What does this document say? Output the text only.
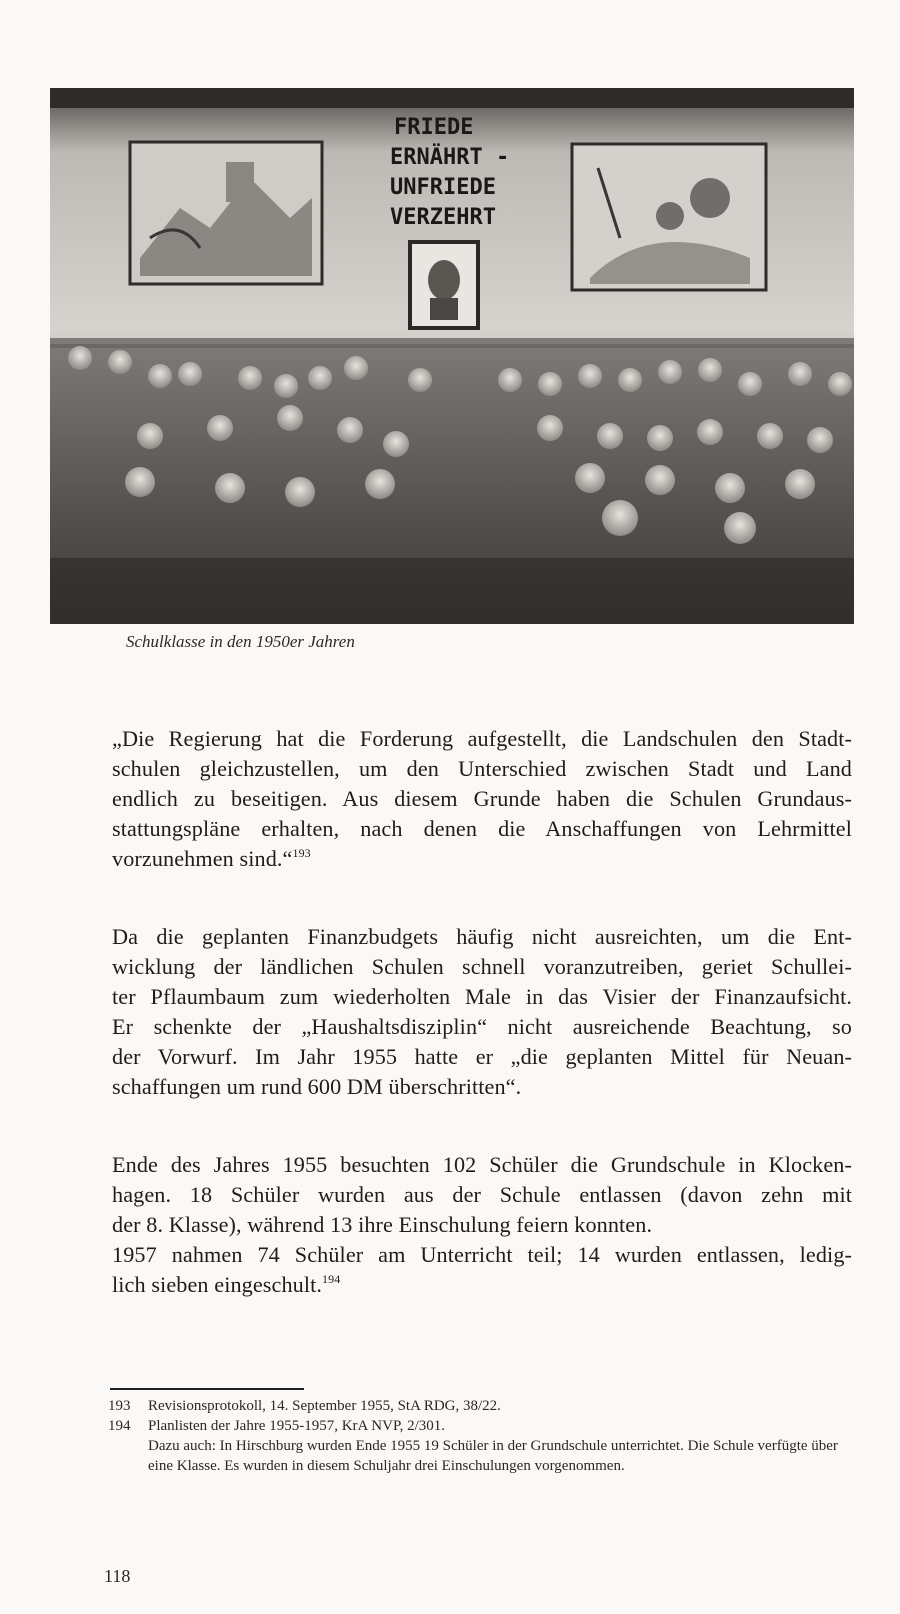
FRIEDE
ERNÄHRT -
UNFRIEDE
VERZEHRT
Schulklasse in den 1950er Jahren
„Die Regierung hat die Forderung aufgestellt, die Landschulen den Stadt-
schulen gleichzustellen, um den Unterschied zwischen Stadt und Land
endlich zu beseitigen. Aus diesem Grunde haben die Schulen Grundaus-
stattungspläne erhalten, nach denen die Anschaffungen von Lehrmittel
vorzunehmen sind.“$^{193}$
Da die geplanten Finanzbudgets häufig nicht ausreichten, um die Ent-
wicklung der ländlichen Schulen schnell voranzutreiben, geriet Schullei-
ter Pflaumbaum zum wiederholten Male in das Visier der Finanzaufsicht.
Er schenkte der „Haushaltsdisziplin“ nicht ausreichende Beachtung, so
der Vorwurf. Im Jahr 1955 hatte er „die geplanten Mittel für Neuan-
schaffungen um rund 600 DM überschritten“.
Ende des Jahres 1955 besuchten 102 Schüler die Grundschule in Klocken-
hagen. 18 Schüler wurden aus der Schule entlassen (davon zehn mit
der 8. Klasse), während 13 ihre Einschulung feiern konnten.
1957 nahmen 74 Schüler am Unterricht teil; 14 wurden entlassen, ledig-
lich sieben eingeschult.$^{194}$
193	Revisionsprotokoll, 14. September 1955, StA RDG, 38/22.
194	Planlisten der Jahre 1955-1957, KrA NVP, 2/301.
Dazu auch: In Hirschburg wurden Ende 1955 19 Schüler in der Grundschule unterrichtet. Die Schule verfügte über eine Klasse. Es wurden in diesem Schuljahr drei Einschulungen vorgenommen.
118
